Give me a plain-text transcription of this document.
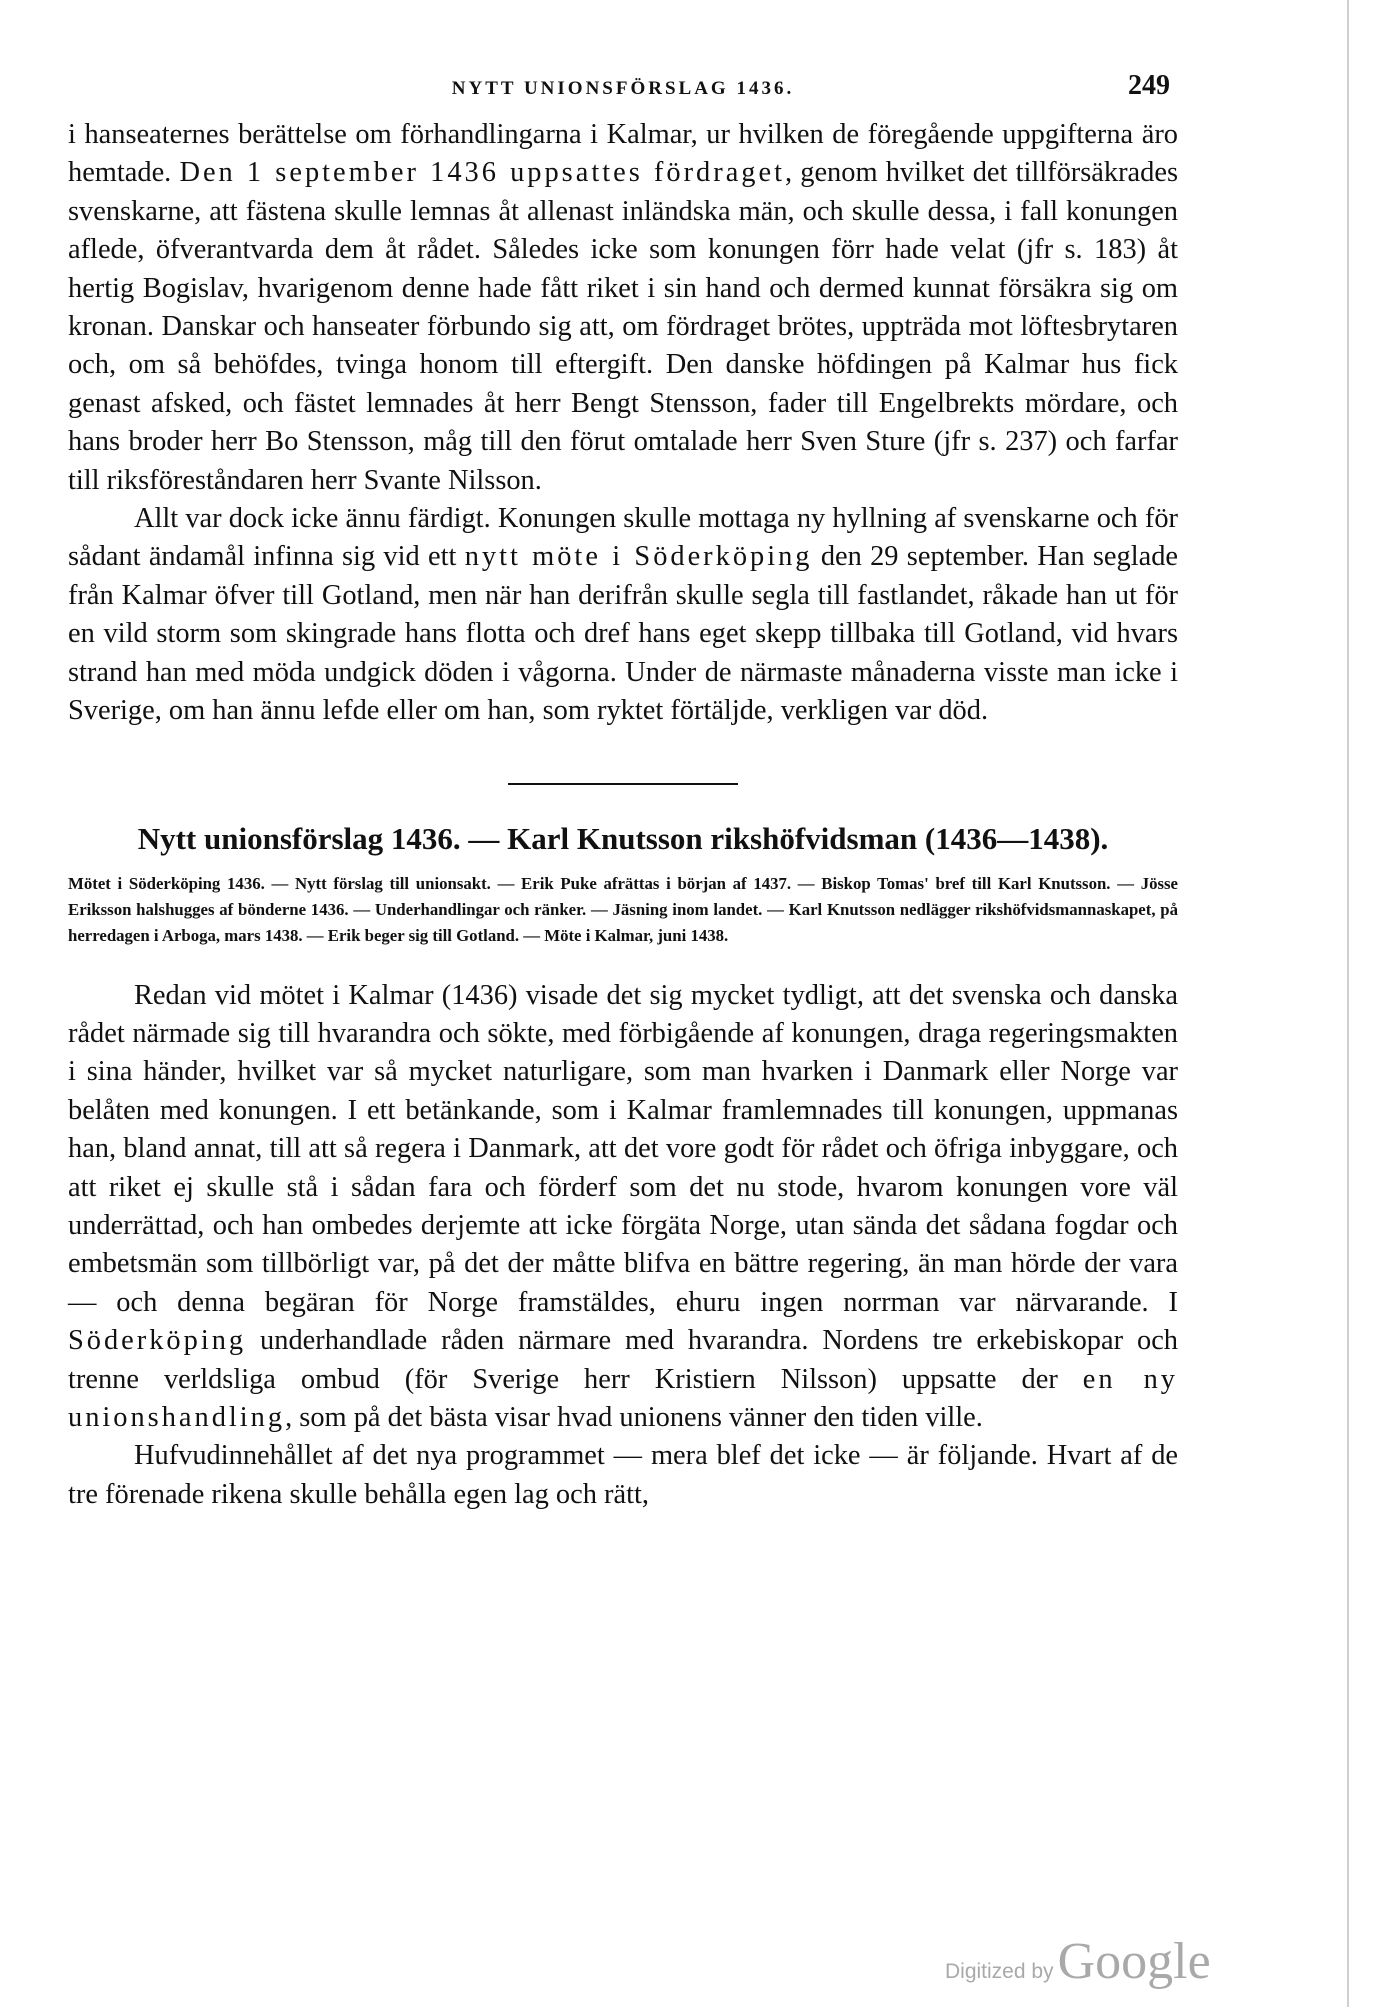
NYTT UNIONSFÖRSLAG 1436.	249

i hanseaternes berättelse om förhandlingarna i Kalmar, ur hvilken de föregående uppgifterna äro hemtade. Den 1 september 1436 uppsattes fördraget, genom hvilket det tillförsäkrades svenskarne, att fästena skulle lemnas åt allenast inländska män, och skulle dessa, i fall konungen aflede, öfverantvarda dem åt rådet. Således icke som konungen förr hade velat (jfr s. 183) åt hertig Bogislav, hvarigenom denne hade fått riket i sin hand och dermed kunnat försäkra sig om kronan. Danskar och hanseater förbundo sig att, om fördraget brötes, uppträda mot löftesbrytaren och, om så behöfdes, tvinga honom till eftergift. Den danske höfdingen på Kalmar hus fick genast afsked, och fästet lemnades åt herr Bengt Stensson, fader till Engelbrekts mördare, och hans broder herr Bo Stensson, måg till den förut omtalade herr Sven Sture (jfr s. 237) och farfar till riksföreståndaren herr Svante Nilsson.

Allt var dock icke ännu färdigt. Konungen skulle mottaga ny hyllning af svenskarne och för sådant ändamål infinna sig vid ett nytt möte i Söderköping den 29 september. Han seglade från Kalmar öfver till Gotland, men när han derifrån skulle segla till fastlandet, råkade han ut för en vild storm som skingrade hans flotta och dref hans eget skepp tillbaka till Gotland, vid hvars strand han med möda undgick döden i vågorna. Under de närmaste månaderna visste man icke i Sverige, om han ännu lefde eller om han, som ryktet förtäljde, verkligen var död.

Nytt unionsförslag 1436. — Karl Knutsson rikshöfvidsman (1436—1438).

Mötet i Söderköping 1436. — Nytt förslag till unionsakt. — Erik Puke afrättas i början af 1437. — Biskop Tomas' bref till Karl Knutsson. — Jösse Eriksson halshugges af bönderne 1436. — Underhandlingar och ränker. — Jäsning inom landet. — Karl Knutsson nedlägger rikshöfvidsmannaskapet, på herredagen i Arboga, mars 1438. — Erik beger sig till Gotland. — Möte i Kalmar, juni 1438.

Redan vid mötet i Kalmar (1436) visade det sig mycket tydligt, att det svenska och danska rådet närmade sig till hvarandra och sökte, med förbigående af konungen, draga regeringsmakten i sina händer, hvilket var så mycket naturligare, som man hvarken i Danmark eller Norge var belåten med konungen. I ett betänkande, som i Kalmar framlemnades till konungen, uppmanas han, bland annat, till att så regera i Danmark, att det vore godt för rådet och öfriga inbyggare, och att riket ej skulle stå i sådan fara och förderf som det nu stode, hvarom konungen vore väl underrättad, och han ombedes derjemte att icke förgäta Norge, utan sända det sådana fogdar och embetsmän som tillbörligt var, på det der måtte blifva en bättre regering, än man hörde der vara — och denna begäran för Norge framstäldes, ehuru ingen norrman var närvarande. I Söderköping underhandlade råden närmare med hvarandra. Nordens tre erkebiskopar och trenne verldsliga ombud (för Sverige herr Kristiern Nilsson) uppsatte der en ny unionshandling, som på det bästa visar hvad unionens vänner den tiden ville.

Hufvudinnehållet af det nya programmet — mera blef det icke — är följande. Hvart af de tre förenade rikena skulle behålla egen lag och rätt,

Digitized byGoogle
